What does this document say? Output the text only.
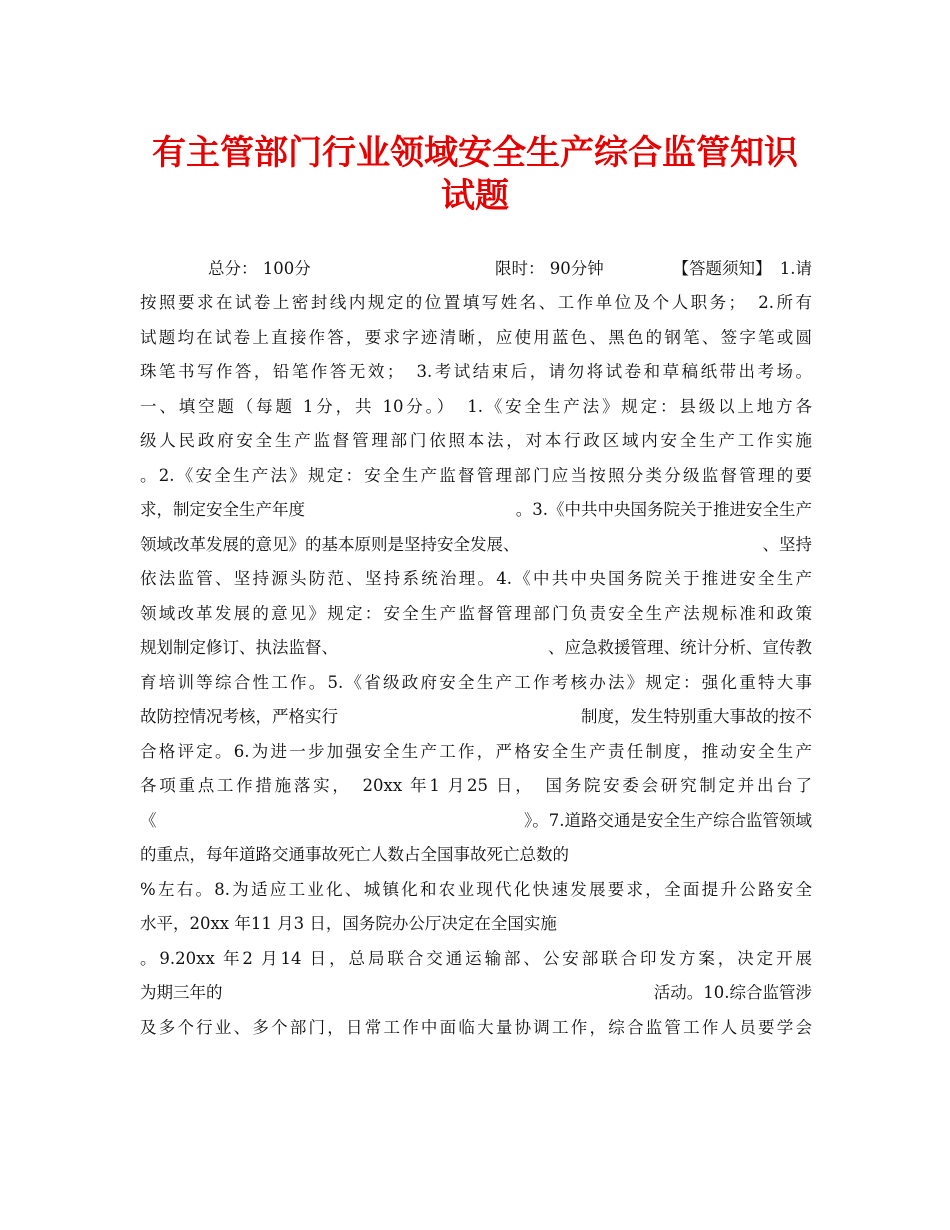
有主管部门行业领域安全生产综合监管知识
试题
总分： 100分	限时： 90分钟	【答题须知】　1.请
按照要求在试卷上密封线内规定的位置填写姓名、工作单位及个人职务；　2.所有
试题均在试卷上直接作答，要求字迹清晰，应使用蓝色、黑色的钢笔、签字笔或圆
珠笔书写作答，铅笔作答无效；　3.考试结束后，请勿将试卷和草稿纸带出考场。
一、填空题（每题 1分，共 10分。）　1.《安全生产法》规定：县级以上地方各
级人民政府安全生产监督管理部门依照本法，对本行政区域内安全生产工作实施
。2.《安全生产法》规定：安全生产监督管理部门应当按照分类分级监督管理的要
求，制定安全生产年度	。3.《中共中央国务院关于推进安全生产
领域改革发展的意见》的基本原则是坚持安全发展、	、坚持
依法监管、坚持源头防范、坚持系统治理。4.《中共中央国务院关于推进安全生产
领域改革发展的意见》规定：安全生产监督管理部门负责安全生产法规标准和政策
规划制定修订、执法监督、	、应急救援管理、统计分析、宣传教
育培训等综合性工作。5.《省级政府安全生产工作考核办法》规定：强化重特大事
故防控情况考核，严格实行	制度，发生特别重大事故的按不
合格评定。6.为进一步加强安全生产工作，严格安全生产责任制度，推动安全生产
各项重点工作措施落实，　20xx 年1 月25 日，　国务院安委会研究制定并出台了
《	》。7.道路交通是安全生产综合监管领域
的重点，每年道路交通事故死亡人数占全国事故死亡总数的
%左右。8.为适应工业化、城镇化和农业现代化快速发展要求，全面提升公路安全
水平，20xx 年11 月3 日，国务院办公厅决定在全国实施
。9.20xx 年2 月14 日，总局联合交通运输部、公安部联合印发方案，决定开展
为期三年的	活动。10.综合监管涉
及多个行业、多个部门，日常工作中面临大量协调工作，综合监管工作人员要学会
